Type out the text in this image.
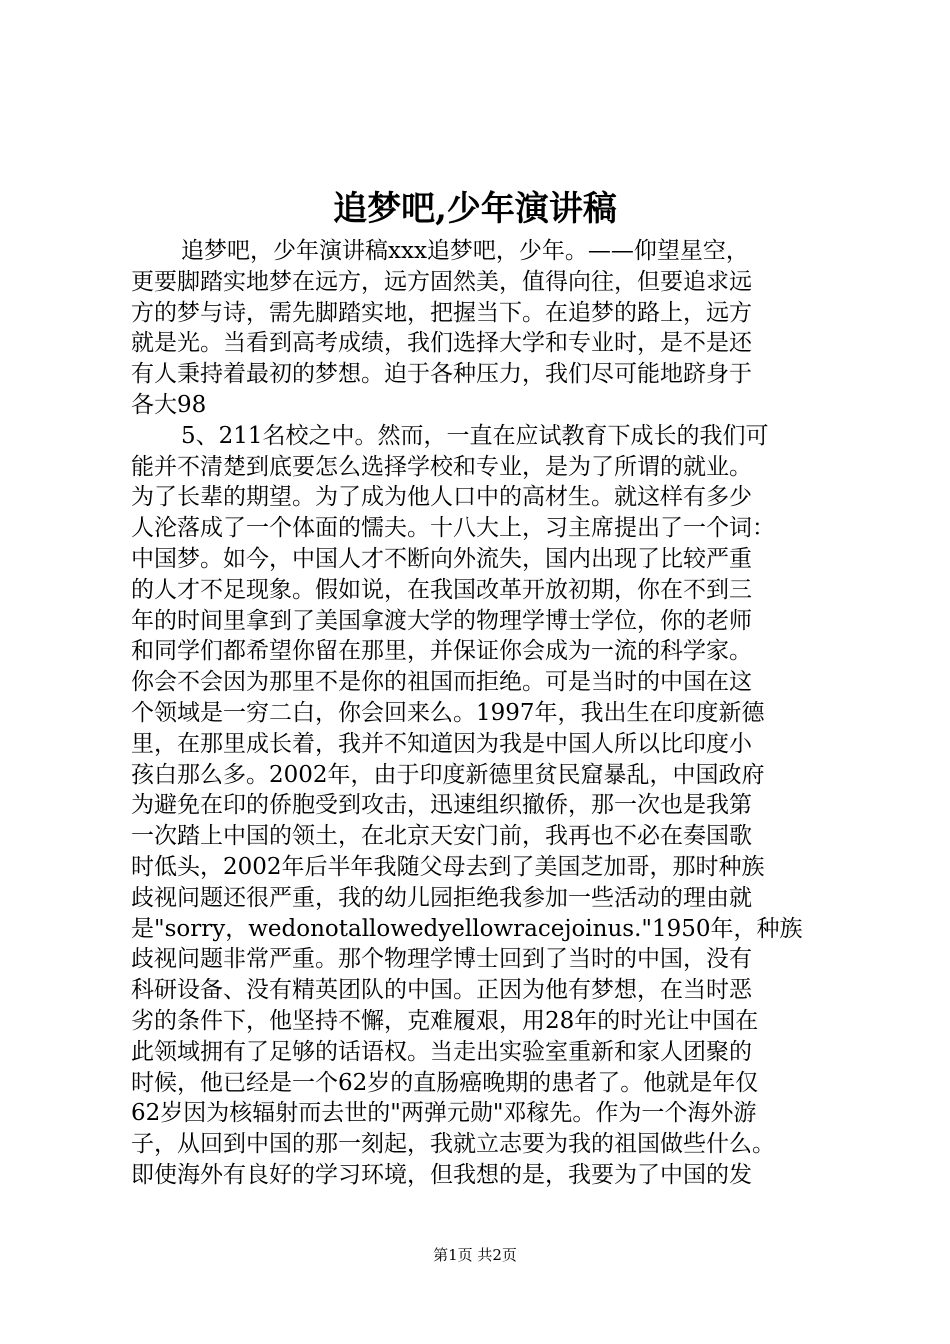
追梦吧,少年演讲稿
追梦吧，少年演讲稿xxx追梦吧，少年。——仰望星空，
更要脚踏实地梦在远方，远方固然美，值得向往，但要追求远
方的梦与诗，需先脚踏实地，把握当下。在追梦的路上，远方
就是光。当看到高考成绩，我们选择大学和专业时，是不是还
有人秉持着最初的梦想。迫于各种压力，我们尽可能地跻身于
各大98
5、211名校之中。然而，一直在应试教育下成长的我们可
能并不清楚到底要怎么选择学校和专业，是为了所谓的就业。
为了长辈的期望。为了成为他人口中的高材生。就这样有多少
人沦落成了一个体面的懦夫。十八大上，习主席提出了一个词：
中国梦。如今，中国人才不断向外流失，国内出现了比较严重
的人才不足现象。假如说，在我国改革开放初期，你在不到三
年的时间里拿到了美国拿渡大学的物理学博士学位，你的老师
和同学们都希望你留在那里，并保证你会成为一流的科学家。
你会不会因为那里不是你的祖国而拒绝。可是当时的中国在这
个领域是一穷二白，你会回来么。1997年，我出生在印度新德
里，在那里成长着，我并不知道因为我是中国人所以比印度小
孩白那么多。2002年，由于印度新德里贫民窟暴乱，中国政府
为避免在印的侨胞受到攻击，迅速组织撤侨，那一次也是我第
一次踏上中国的领土，在北京天安门前，我再也不必在奏国歌
时低头，2002年后半年我随父母去到了美国芝加哥，那时种族
歧视问题还很严重，我的幼儿园拒绝我参加一些活动的理由就
是"sorry，wedonotallowedyellowracejoinus."1950年，种族
歧视问题非常严重。那个物理学博士回到了当时的中国，没有
科研设备、没有精英团队的中国。正因为他有梦想，在当时恶
劣的条件下，他坚持不懈，克难履艰，用28年的时光让中国在
此领域拥有了足够的话语权。当走出实验室重新和家人团聚的
时候，他已经是一个62岁的直肠癌晚期的患者了。他就是年仅
62岁因为核辐射而去世的"两弹元勋"邓稼先。作为一个海外游
子，从回到中国的那一刻起，我就立志要为我的祖国做些什么。
即使海外有良好的学习环境，但我想的是，我要为了中国的发
第1页 共2页
